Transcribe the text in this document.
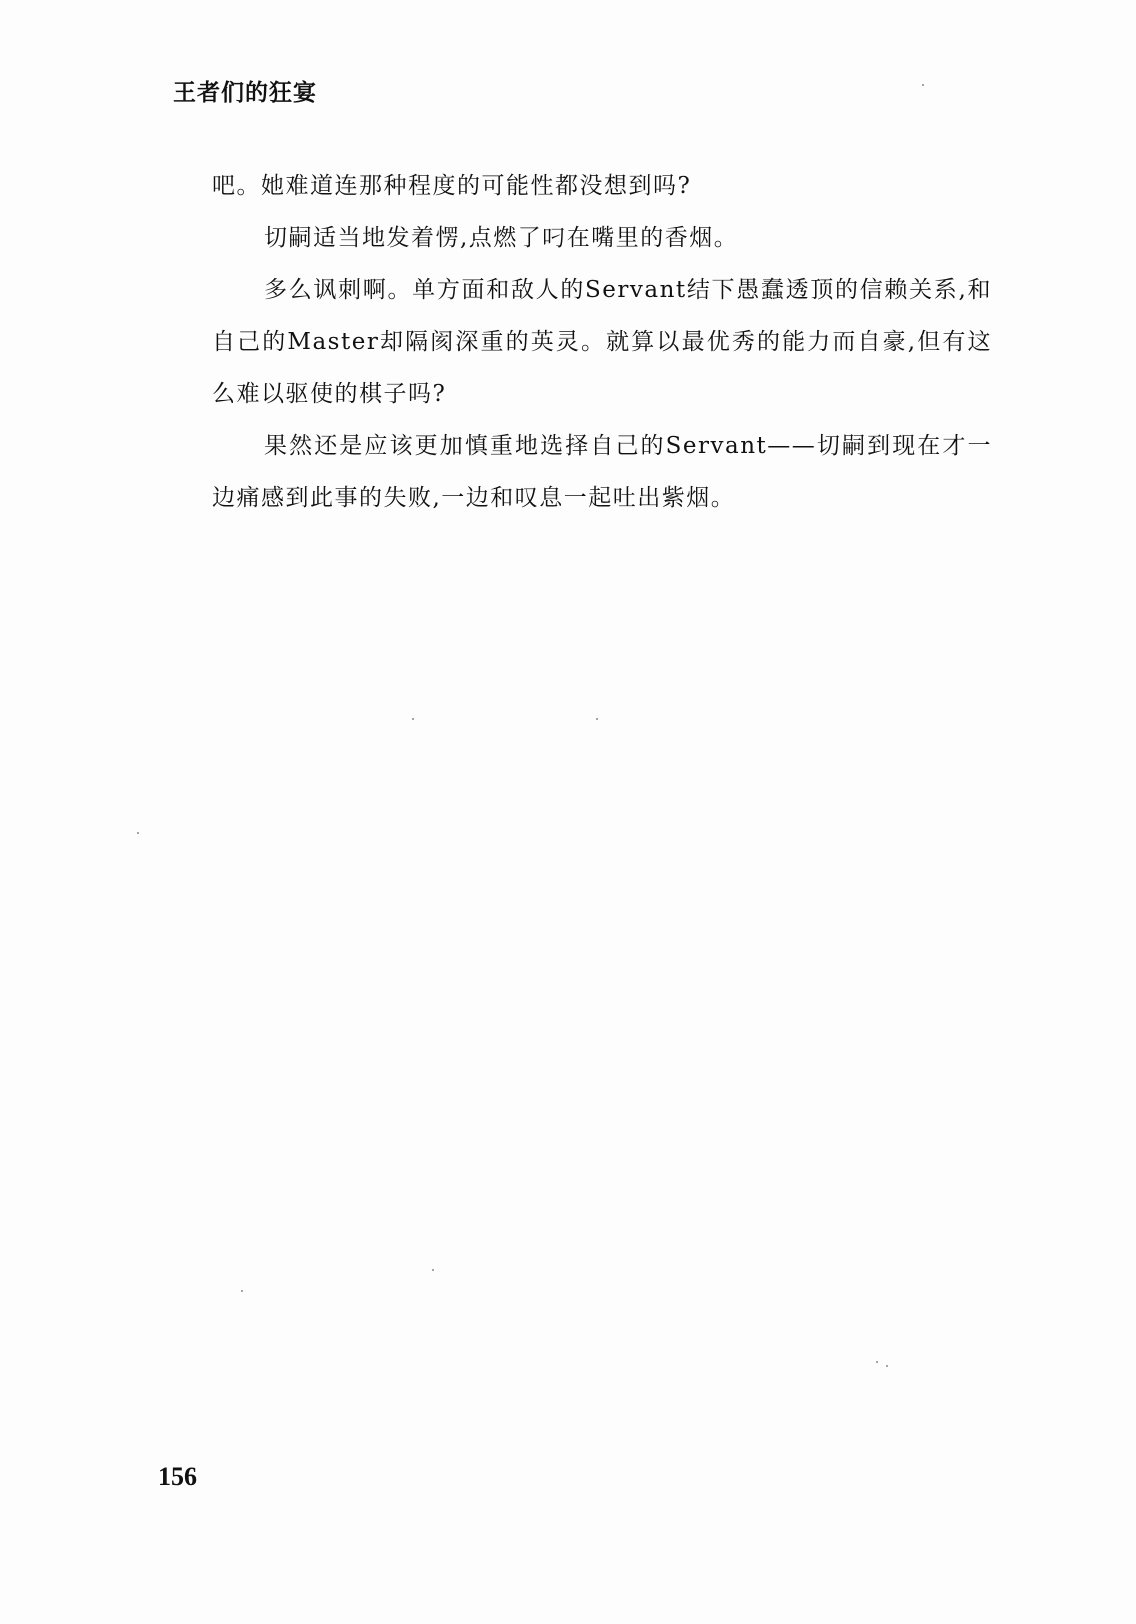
王者们的狂宴

吧。她难道连那种程度的可能性都没想到吗?

切嗣适当地发着愣,点燃了叼在嘴里的香烟。

多么讽刺啊。单方面和敌人的Servant结下愚蠢透顶的信赖关系,和自己的Master却隔阂深重的英灵。就算以最优秀的能力而自豪,但有这么难以驱使的棋子吗?

果然还是应该更加慎重地选择自己的Servant——切嗣到现在才一边痛感到此事的失败,一边和叹息一起吐出紫烟。

156
